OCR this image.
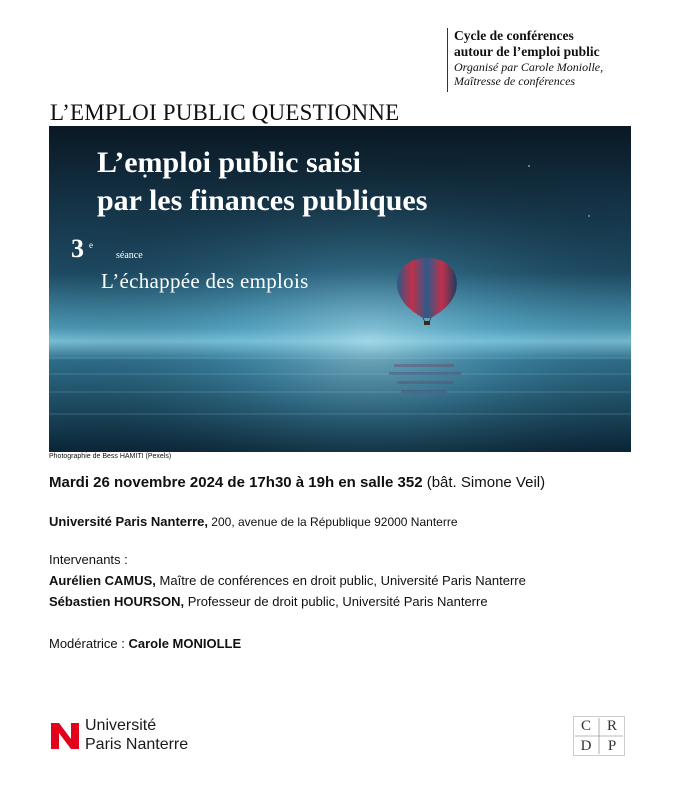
Cycle de conférences
autour de l’emploi public
Organisé par Carole Moniolle,
Maîtresse de conférences
L’EMPLOI PUBLIC QUESTIONNE
L’emploi public saisi
par les finances publiques
3 e
séance
L’échappée des emplois
Photographie de Bess HAMITI (Pexels)
Mardi 26 novembre 2024 de 17h30 à 19h en salle 352 (bât. Simone Veil)
Université Paris Nanterre, 200, avenue de la République 92000 Nanterre
Intervenants :
Aurélien CAMUS, Maître de conférences en droit public, Université Paris Nanterre
Sébastien HOURSON, Professeur de droit public, Université Paris Nanterre
Modératrice : Carole MONIOLLE
Université
Paris Nanterre
C	R
D	P
